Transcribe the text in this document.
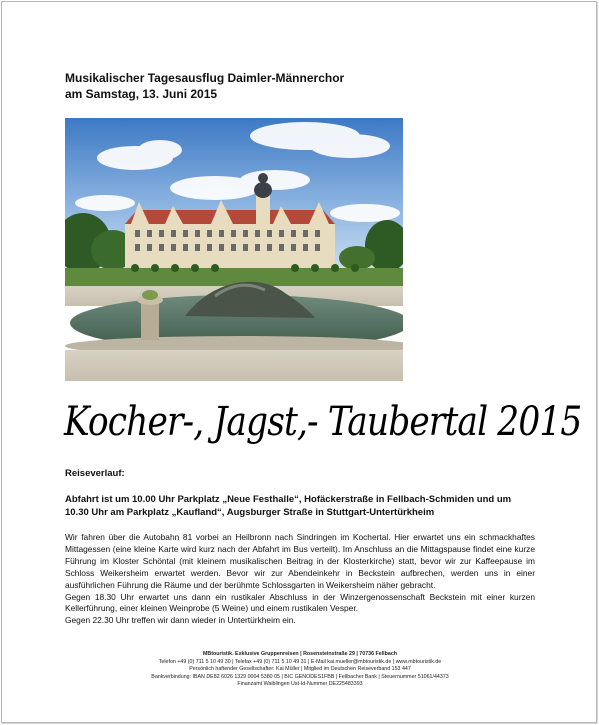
Musikalischer Tagesausflug Daimler-Männerchor
am Samstag, 13. Juni 2015
Kocher-, Jagst,- Taubertal 2015
Reiseverlauf:
Abfahrt ist um 10.00 Uhr Parkplatz „Neue Festhalle“, Hofäckerstraße in Fellbach-Schmiden und um 10.30 Uhr am Parkplatz „Kaufland“, Augsburger Straße in Stuttgart-Untertürkheim

Wir fahren über die Autobahn 81 vorbei an Heilbronn nach Sindringen im Kochertal. Hier erwartet uns ein schmackhaftes Mittagessen (eine kleine Karte wird kurz nach der Abfahrt im Bus verteilt). Im Anschluss an die Mittagspause findet eine kurze Führung im Kloster Schöntal (mit kleinem musikalischen Beitrag in der Klosterkirche) statt, bevor wir zur Kaffeepause im Schloss Weikersheim erwartet werden. Bevor wir zur Abendeinkehr in Beckstein aufbrechen, werden uns in einer ausführlichen Führung die Räume und der berühmte Schlossgarten in Weikersheim näher gebracht.

Gegen 18.30 Uhr erwartet uns dann ein rustikaler Abschluss in der Winzergenossenschaft Beckstein mit einer kurzen Kellerführung, einer kleinen Weinprobe (5 Weine) und einem rustikalen Vesper.

Gegen 22.30 Uhr treffen wir dann wieder in Untertürkheim ein.

MBtouristik. Exklusive Gruppenreisen | Rosensteinstraße 29 | 70736 Fellbach
Telefon +49 (0) 711 5 10 49 30 | Telefax +49 (0) 711 5 10 49 31 | E-Mail kai.mueller@mbtouristik.de | www.mbtouristik.de
Persönlich haftender Gesellschafter: Kai Müller | Mitglied im Deutschen Reiseverband 153 447
Bankverbindung: IBAN DE82 6026 1329 0004 5380 05 | BIC GENODES1FBB | Fellbacher Bank | Steuernummer 51061/44373
Finanzamt Waiblingen Ust-Id-Nummer DE225483393
